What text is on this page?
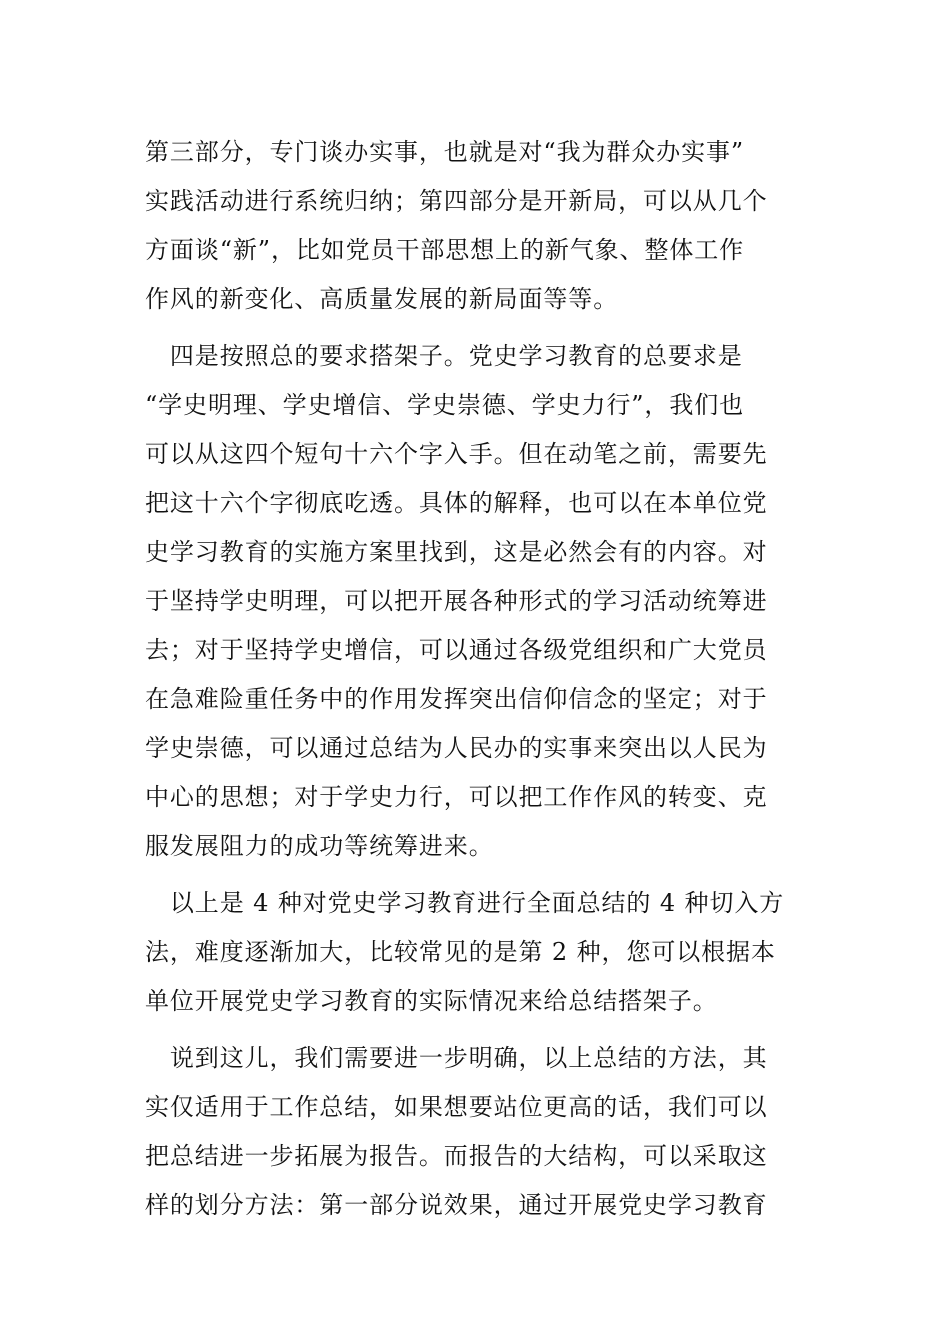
第三部分，专门谈办实事，也就是对“我为群众办实事”
实践活动进行系统归纳；第四部分是开新局，可以从几个
方面谈“新”，比如党员干部思想上的新气象、整体工作
作风的新变化、高质量发展的新局面等等。
　四是按照总的要求搭架子。党史学习教育的总要求是
“学史明理、学史增信、学史崇德、学史力行”，我们也
可以从这四个短句十六个字入手。但在动笔之前，需要先
把这十六个字彻底吃透。具体的解释，也可以在本单位党
史学习教育的实施方案里找到，这是必然会有的内容。对
于坚持学史明理，可以把开展各种形式的学习活动统筹进
去；对于坚持学史增信，可以通过各级党组织和广大党员
在急难险重任务中的作用发挥突出信仰信念的坚定；对于
学史崇德，可以通过总结为人民办的实事来突出以人民为
中心的思想；对于学史力行，可以把工作作风的转变、克
服发展阻力的成功等统筹进来。
　以上是 4 种对党史学习教育进行全面总结的 4 种切入方
法，难度逐渐加大，比较常见的是第 2 种，您可以根据本
单位开展党史学习教育的实际情况来给总结搭架子。
　说到这儿，我们需要进一步明确，以上总结的方法，其
实仅适用于工作总结，如果想要站位更高的话，我们可以
把总结进一步拓展为报告。而报告的大结构，可以采取这
样的划分方法：第一部分说效果，通过开展党史学习教育
